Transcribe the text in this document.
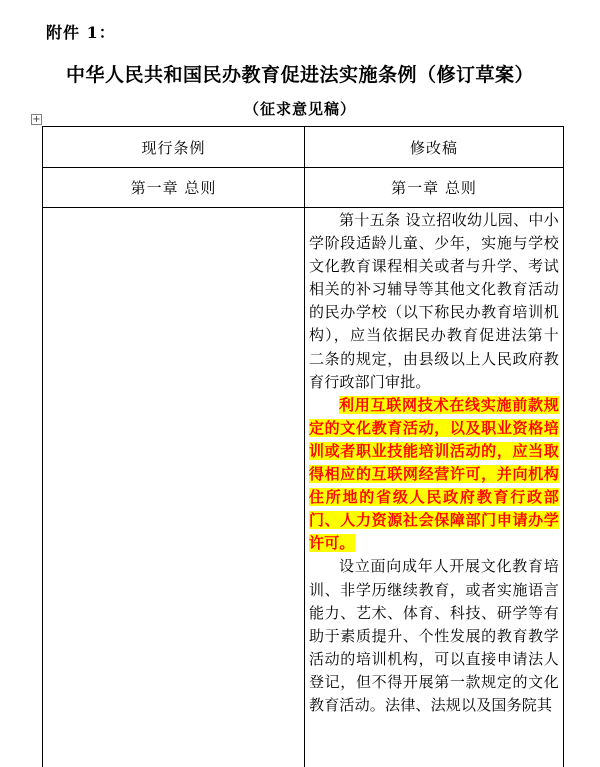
附件 1：
中华人民共和国民办教育促进法实施条例（修订草案）
（征求意见稿）
+
现行条例	修改稿
第一章 总则	第一章 总则

第十五条 设立招收幼儿园、中小学阶段适龄儿童、少年，实施与学校文化教育课程相关或者与升学、考试相关的补习辅导等其他文化教育活动的民办学校（以下称民办教育培训机构），应当依据民办教育促进法第十二条的规定，由县级以上人民政府教育行政部门审批。

利用互联网技术在线实施前款规定的文化教育活动，以及职业资格培训或者职业技能培训活动的，应当取得相应的互联网经营许可，并向机构住所地的省级人民政府教育行政部门、人力资源社会保障部门申请办学许可。

设立面向成年人开展文化教育培训、非学历继续教育，或者实施语言能力、艺术、体育、科技、研学等有助于素质提升、个性发展的教育教学活动的培训机构，可以直接申请法人登记，但不得开展第一款规定的文化教育活动。法律、法规以及国务院其
